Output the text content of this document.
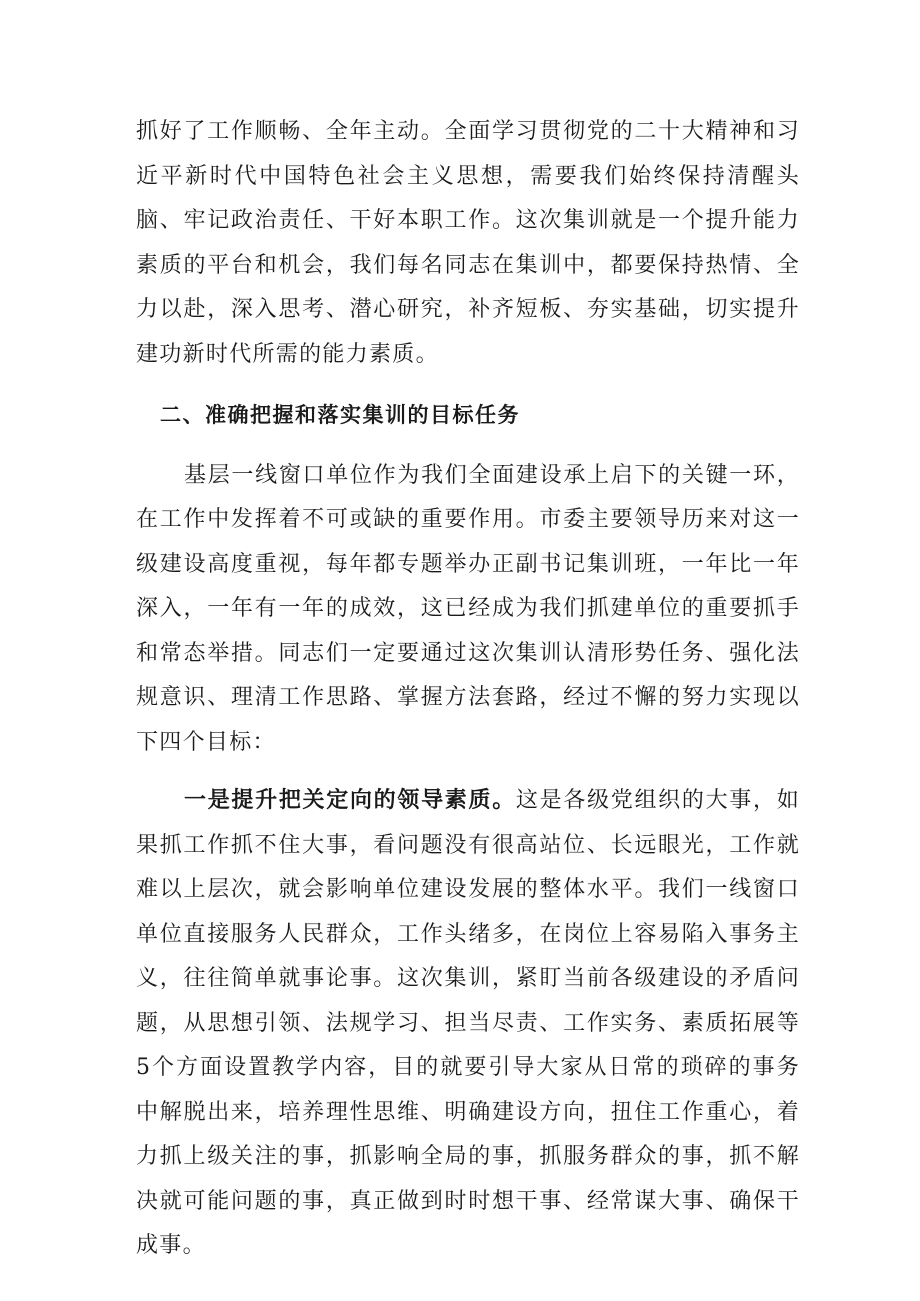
抓好了工作顺畅、全年主动。全面学习贯彻党的二十大精神和习近平新时代中国特色社会主义思想，需要我们始终保持清醒头脑、牢记政治责任、干好本职工作。这次集训就是一个提升能力素质的平台和机会，我们每名同志在集训中，都要保持热情、全力以赴，深入思考、潜心研究，补齐短板、夯实基础，切实提升建功新时代所需的能力素质。

二、准确把握和落实集训的目标任务

基层一线窗口单位作为我们全面建设承上启下的关键一环，在工作中发挥着不可或缺的重要作用。市委主要领导历来对这一级建设高度重视，每年都专题举办正副书记集训班，一年比一年深入，一年有一年的成效，这已经成为我们抓建单位的重要抓手和常态举措。同志们一定要通过这次集训认清形势任务、强化法规意识、理清工作思路、掌握方法套路，经过不懈的努力实现以下四个目标：

一是提升把关定向的领导素质。这是各级党组织的大事，如果抓工作抓不住大事，看问题没有很高站位、长远眼光，工作就难以上层次，就会影响单位建设发展的整体水平。我们一线窗口单位直接服务人民群众，工作头绪多，在岗位上容易陷入事务主义，往往简单就事论事。这次集训，紧盯当前各级建设的矛盾问题，从思想引领、法规学习、担当尽责、工作实务、素质拓展等5个方面设置教学内容，目的就要引导大家从日常的琐碎的事务中解脱出来，培养理性思维、明确建设方向，扭住工作重心，着力抓上级关注的事，抓影响全局的事，抓服务群众的事，抓不解决就可能问题的事，真正做到时时想干事、经常谋大事、确保干成事。
